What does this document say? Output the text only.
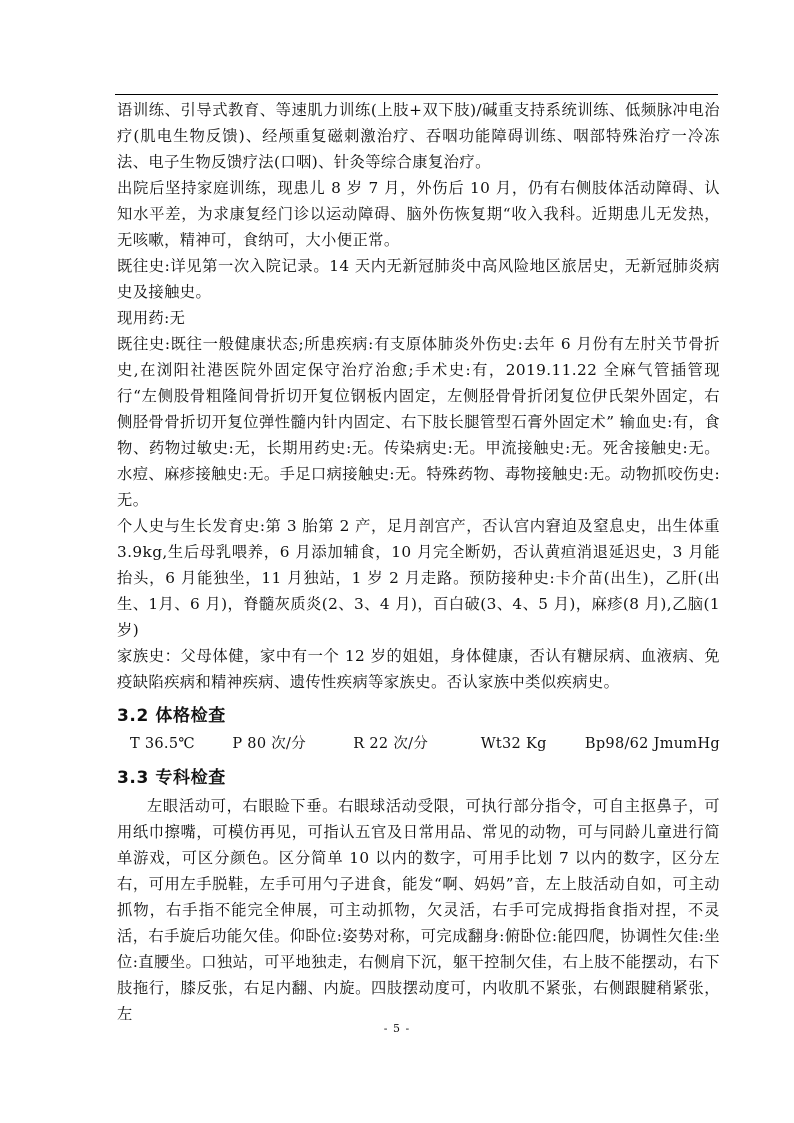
语训练、引导式教育、等速肌力训练(上肢+双下肢)/碱重支持系统训练、低频脉冲电治疗(肌电生物反馈)、经颅重复磁刺激治疗、吞咽功能障碍训练、咽部特殊治疗一冷冻法、电子生物反馈疗法(口咽)、针灸等综合康复治疗。

出院后坚持家庭训练，现患儿 8 岁 7 月，外伤后 10 月，仍有右侧肢体活动障碍、认知水平差，为求康复经门诊以运动障碍、脑外伤恢复期“收入我科。近期患儿无发热，无咳嗽，精神可，食纳可，大小便正常。

既往史:详见第一次入院记录。14 天内无新冠肺炎中高风险地区旅居史，无新冠肺炎病史及接触史。

现用药:无

既往史:既往一般健康状态;所患疾病:有支原体肺炎外伤史:去年 6 月份有左肘关节骨折史,在浏阳社港医院外固定保守治疗治愈;手术史:有，2019.11.22 全麻气管插管现行“左侧股骨粗隆间骨折切开复位钢板内固定，左侧胫骨骨折闭复位伊氏架外固定，右侧胫骨骨折切开复位弹性髓内针内固定、右下肢长腿管型石膏外固定术” 输血史:有，食物、药物过敏史:无，长期用药史:无。传染病史:无。甲流接触史:无。死舍接触史:无。水痘、麻疹接触史:无。手足口病接触史:无。特殊药物、毒物接触史:无。动物抓咬伤史:无。

个人史与生长发育史:第 3 胎第 2 产，足月剖宫产，否认宫内窘迫及窒息史，出生体重 3.9kg,生后母乳喂养，6 月添加辅食，10 月完全断奶，否认黄疸消退延迟史，3 月能抬头，6 月能独坐，11 月独站，1 岁 2 月走路。预防接种史:卡介苗(出生)，乙肝(出生、1月、6 月)，脊髓灰质炎(2、3、4 月)，百白破(3、4、5 月)，麻疹(8 月),乙脑(1 岁)

家族史：父母体健，家中有一个 12 岁的姐姐，身体健康，否认有糖尿病、血液病、免疫缺陷疾病和精神疾病、遗传性疾病等家族史。否认家族中类似疾病史。

3.2 体格检查
T 36.5℃	P 80 次/分	R 22 次/分	Wt32 Kg	Bp98/62 JmumHg
3.3 专科检查

左眼活动可，右眼睑下垂。右眼球活动受限，可执行部分指令，可自主抠鼻子，可用纸巾擦嘴，可模仿再见，可指认五官及日常用品、常见的动物，可与同龄儿童进行简单游戏，可区分颜色。区分简单 10 以内的数字，可用手比划 7 以内的数字，区分左右，可用左手脱鞋，左手可用勺子进食，能发“啊、妈妈”音，左上肢活动自如，可主动抓物，右手指不能完全伸展，可主动抓物，欠灵活，右手可完成拇指食指对捏，不灵活，右手旋后功能欠佳。仰卧位:姿势对称，可完成翻身:俯卧位:能四爬，协调性欠佳:坐位:直腰坐。口独站，可平地独走，右侧肩下沉，躯干控制欠佳，右上肢不能摆动，右下肢拖行，膝反张，右足内翻、内旋。四肢摆动度可，内收肌不紧张，右侧跟腱稍紧张，左

- 5 -
